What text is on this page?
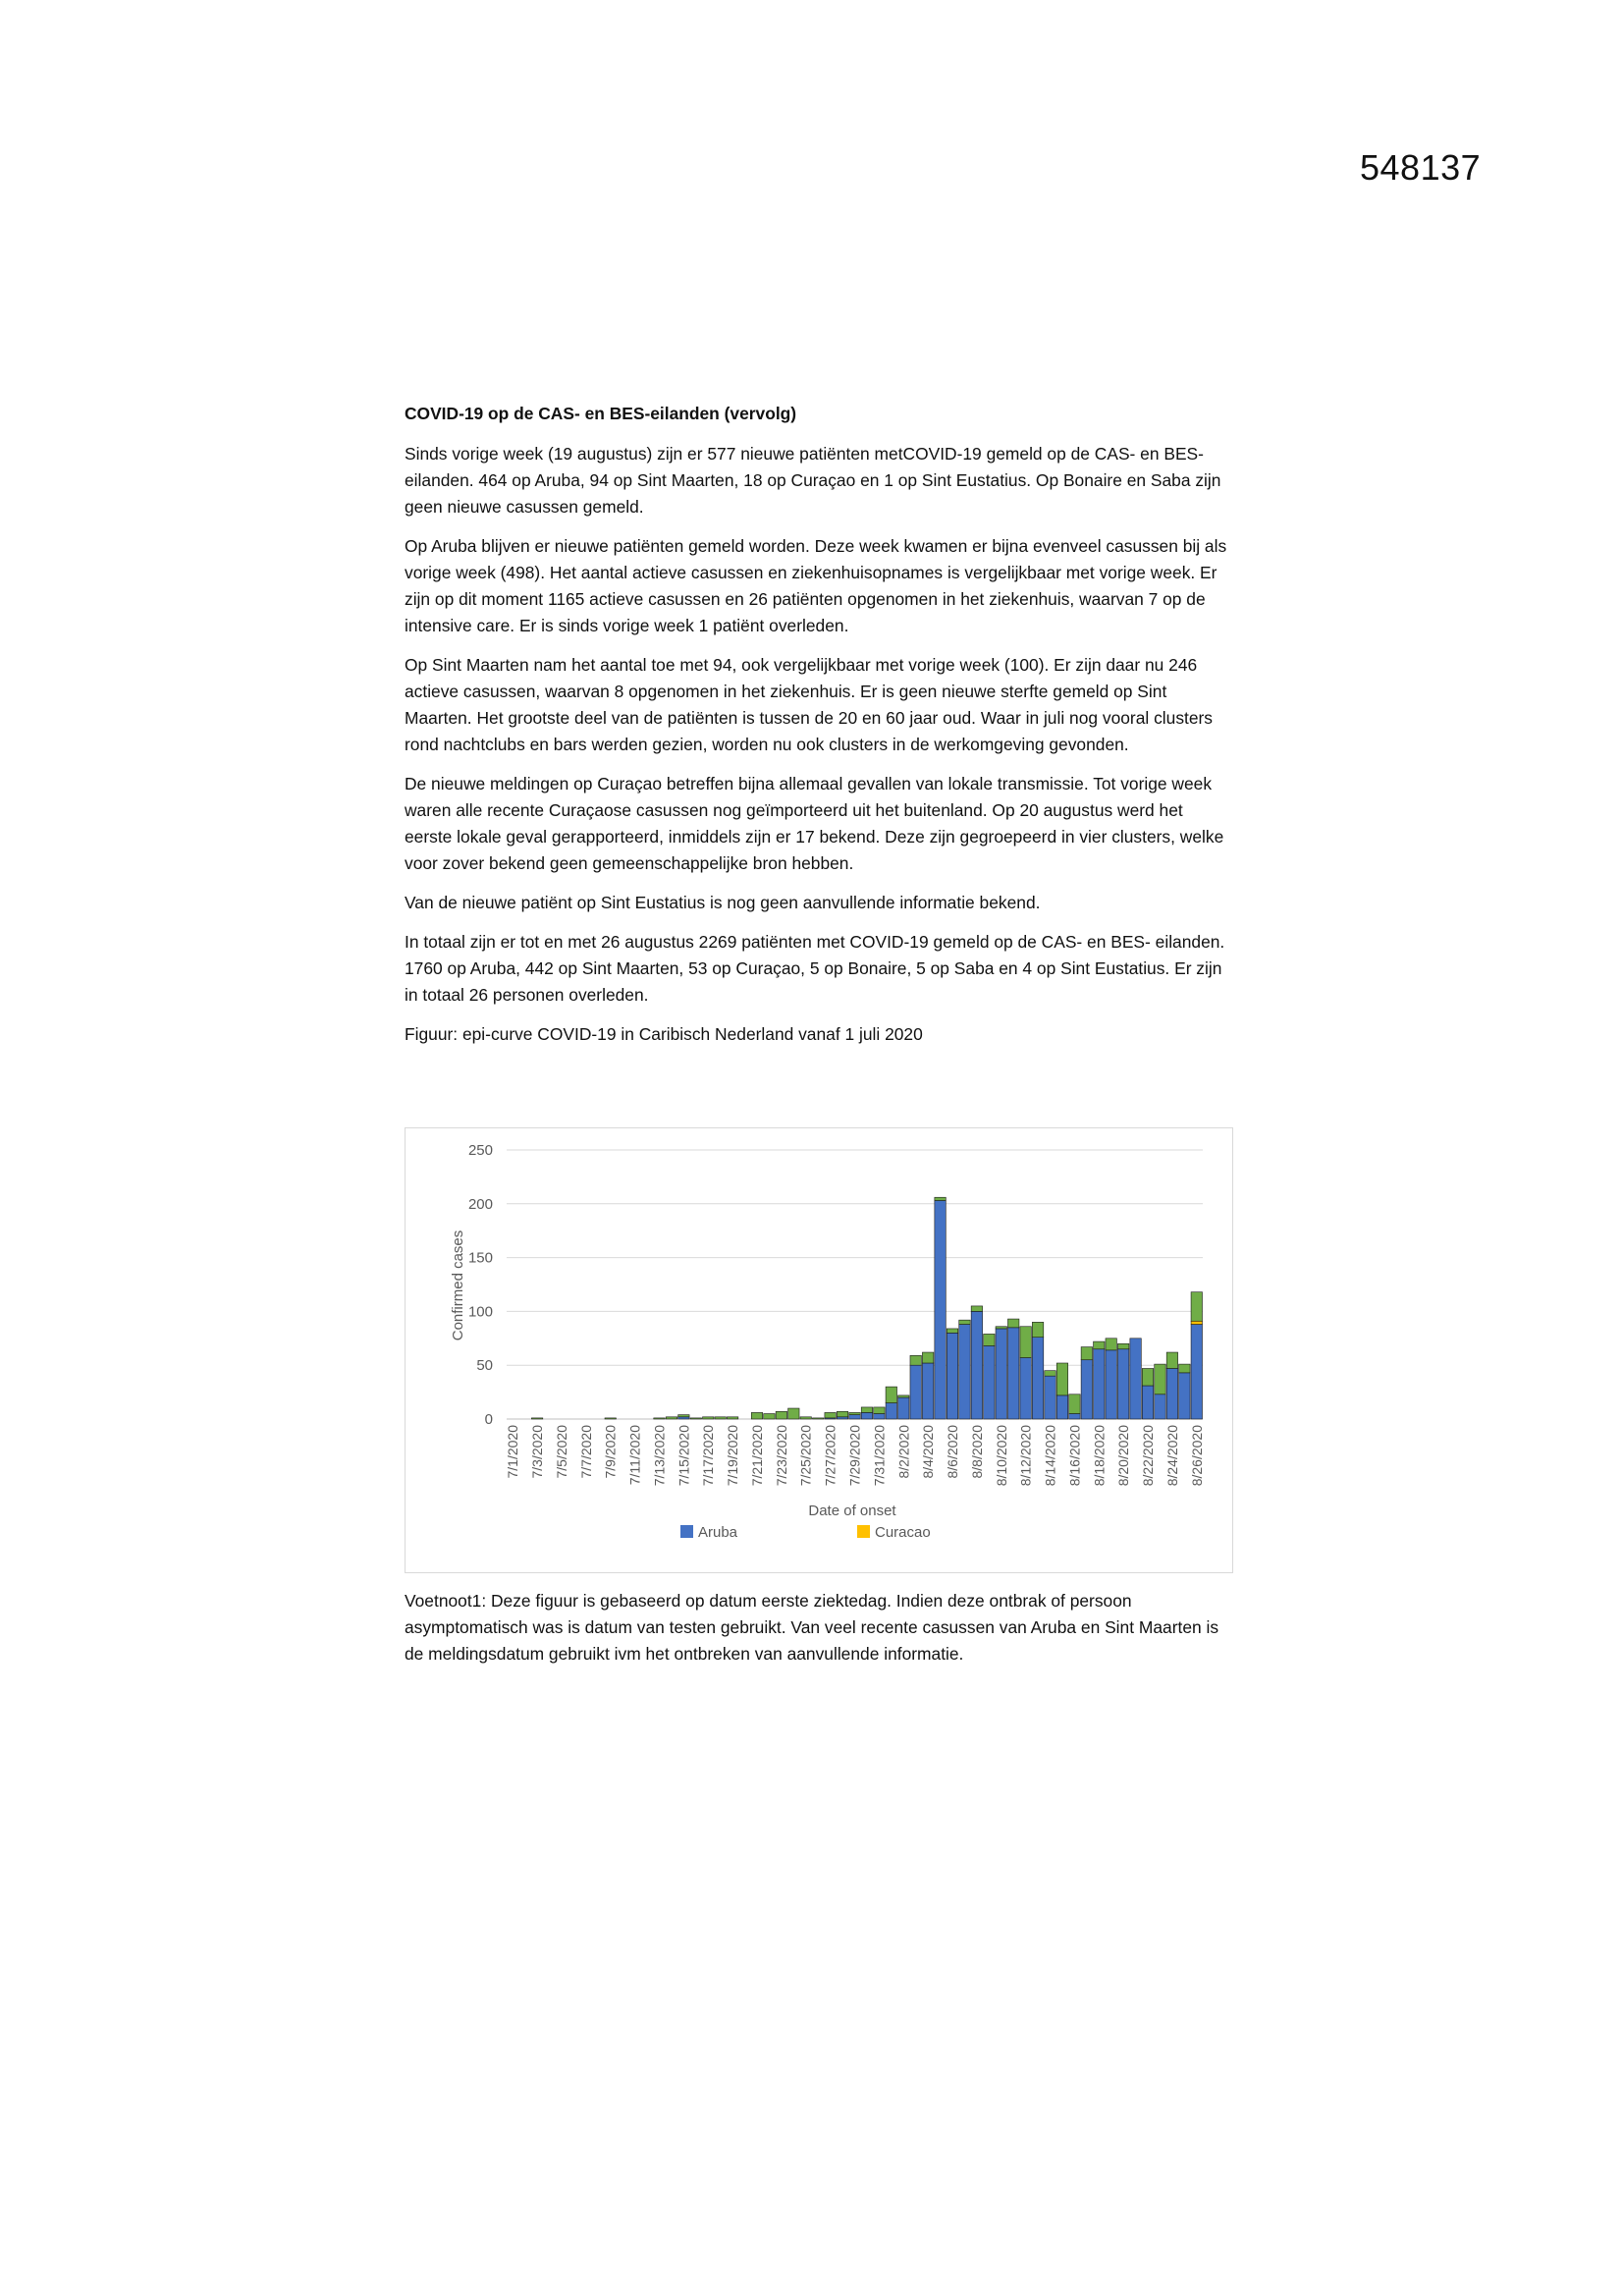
548137
COVID-19 op de CAS- en BES-eilanden (vervolg)

Sinds vorige week (19 augustus) zijn er 577 nieuwe patiënten metCOVID-19 gemeld op de CAS- en BES- eilanden. 464 op Aruba, 94 op Sint Maarten, 18 op Curaçao en 1 op Sint Eustatius. Op Bonaire en Saba zijn geen nieuwe casussen gemeld.

Op Aruba blijven er nieuwe patiënten gemeld worden. Deze week kwamen er bijna evenveel casussen bij als vorige week (498). Het aantal actieve casussen en ziekenhuisopnames is vergelijkbaar met vorige week. Er zijn op dit moment 1165 actieve casussen en 26 patiënten opgenomen in het ziekenhuis, waarvan 7 op de intensive care. Er is sinds vorige week 1 patiënt overleden.

Op Sint Maarten nam het aantal toe met 94, ook vergelijkbaar met vorige week (100). Er zijn daar nu 246 actieve casussen, waarvan 8 opgenomen in het ziekenhuis. Er is geen nieuwe sterfte gemeld op Sint Maarten. Het grootste deel van de patiënten is tussen de 20 en 60 jaar oud. Waar in juli nog vooral clusters rond nachtclubs en bars werden gezien, worden nu ook clusters in de werkomgeving gevonden.

De nieuwe meldingen op Curaçao betreffen bijna allemaal gevallen van lokale transmissie. Tot vorige week waren alle recente Curaçaose casussen nog geïmporteerd uit het buitenland. Op 20 augustus werd het eerste lokale geval gerapporteerd, inmiddels zijn er 17 bekend. Deze zijn gegroepeerd in vier clusters, welke voor zover bekend geen gemeenschappelijke bron hebben.

Van de nieuwe patiënt op Sint Eustatius is nog geen aanvullende informatie bekend.

In totaal zijn er tot en met 26 augustus 2269 patiënten met COVID-19 gemeld op de CAS- en BES- eilanden. 1760 op Aruba, 442 op Sint Maarten, 53 op Curaçao, 5 op Bonaire, 5 op Saba en 4 op Sint Eustatius. Er zijn in totaal 26 personen overleden.

Figuur: epi-curve COVID-19 in Caribisch Nederland vanaf 1 juli 2020

0
50
100
150
200
250
7/1/2020 7/3/2020 7/5/2020 7/7/2020 7/9/2020 7/11/2020 7/13/2020 7/15/2020 7/17/2020 7/19/2020 7/21/2020 7/23/2020 7/25/2020 7/27/2020 7/29/2020 7/31/2020 8/2/2020 8/4/2020 8/6/2020 8/8/2020 8/10/2020 8/12/2020 8/14/2020 8/16/2020 8/18/2020 8/20/2020 8/22/2020 8/24/2020 8/26/2020
Confirmed cases
Date of onset
Aruba	Curacao

Voetnoot1: Deze figuur is gebaseerd op datum eerste ziektedag. Indien deze ontbrak of persoon asymptomatisch was is datum van testen gebruikt. Van veel recente casussen van Aruba en Sint Maarten is de meldingsdatum gebruikt ivm het ontbreken van aanvullende informatie.
